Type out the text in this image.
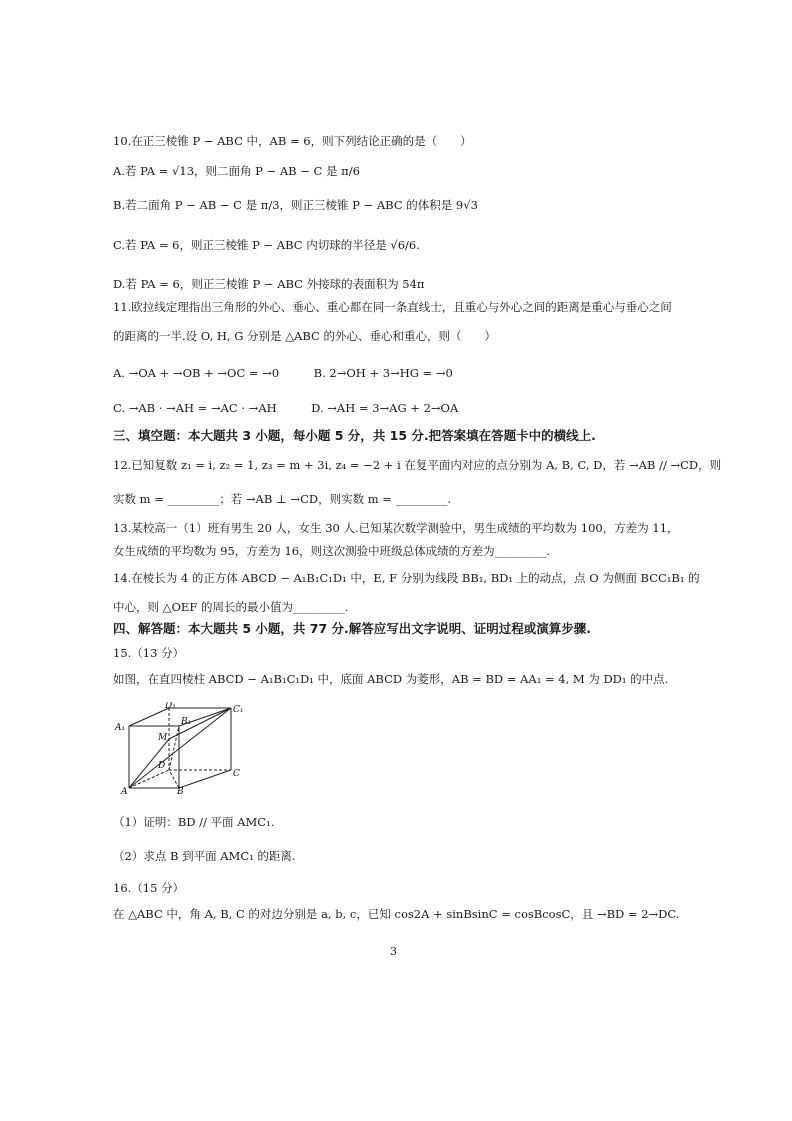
10.在正三棱锥 P − ABC 中，AB = 6，则下列结论正确的是（　　）
A.若 PA = √13，则二面角 P − AB − C 是 π/6
B.若二面角 P − AB − C 是 π/3，则正三棱锥 P − ABC 的体积是 9√3
C.若 PA = 6，则正三棱锥 P − ABC 内切球的半径是 √6/6.
D.若 PA = 6，则正三棱锥 P − ABC 外接球的表面积为 54π
11.欧拉线定理指出三角形的外心、垂心、重心都在同一条直线士，且重心与外心之间的距离是重心与垂心之间
的距离的一半.设 O, H, G 分别是 △ABC 的外心、垂心和重心，则（　　）
A. →OA + →OB + →OC = →0　　　B. 2→OH + 3→HG = →0
C. →AB · →AH = →AC · →AH　　　D. →AH = 3→AG + 2→OA
三、填空题：本大题共 3 小题，每小题 5 分，共 15 分.把答案填在答题卡中的横线上.
12.已知复数 z₁ = i, z₂ = 1, z₃ = m + 3i, z₄ = −2 + i 在复平面内对应的点分别为 A, B, C, D，若 →AB // →CD，则
实数 m = _________；若 →AB ⊥ →CD，则实数 m = _________.
13.某校高一（1）班有男生 20 人，女生 30 人.已知某次数学测验中，男生成绩的平均数为 100，方差为 11，
女生成绩的平均数为 95，方差为 16，则这次测验中班级总体成绩的方差为_________.
14.在棱长为 4 的正方体 ABCD − A₁B₁C₁D₁ 中，E, F 分别为线段 BB₁, BD₁ 上的动点，点 O 为侧面 BCC₁B₁ 的
中心，则 △OEF 的周长的最小值为_________.
四、解答题：本大题共 5 小题，共 77 分.解答应写出文字说明、证明过程或演算步骤.
15.（13 分）
如图，在直四棱柱 ABCD − A₁B₁C₁D₁ 中，底面 ABCD 为菱形，AB = BD = AA₁ = 4, M 为 DD₁ 的中点.
D₁	C₁
A₁
B₁
M
D
C
A	B
（1）证明：BD // 平面 AMC₁.
（2）求点 B 到平面 AMC₁ 的距离.
16.（15 分）
在 △ABC 中，角 A, B, C 的对边分别是 a, b, c，已知 cos2A + sinBsinC = cosBcosC，且 →BD = 2→DC.
3
